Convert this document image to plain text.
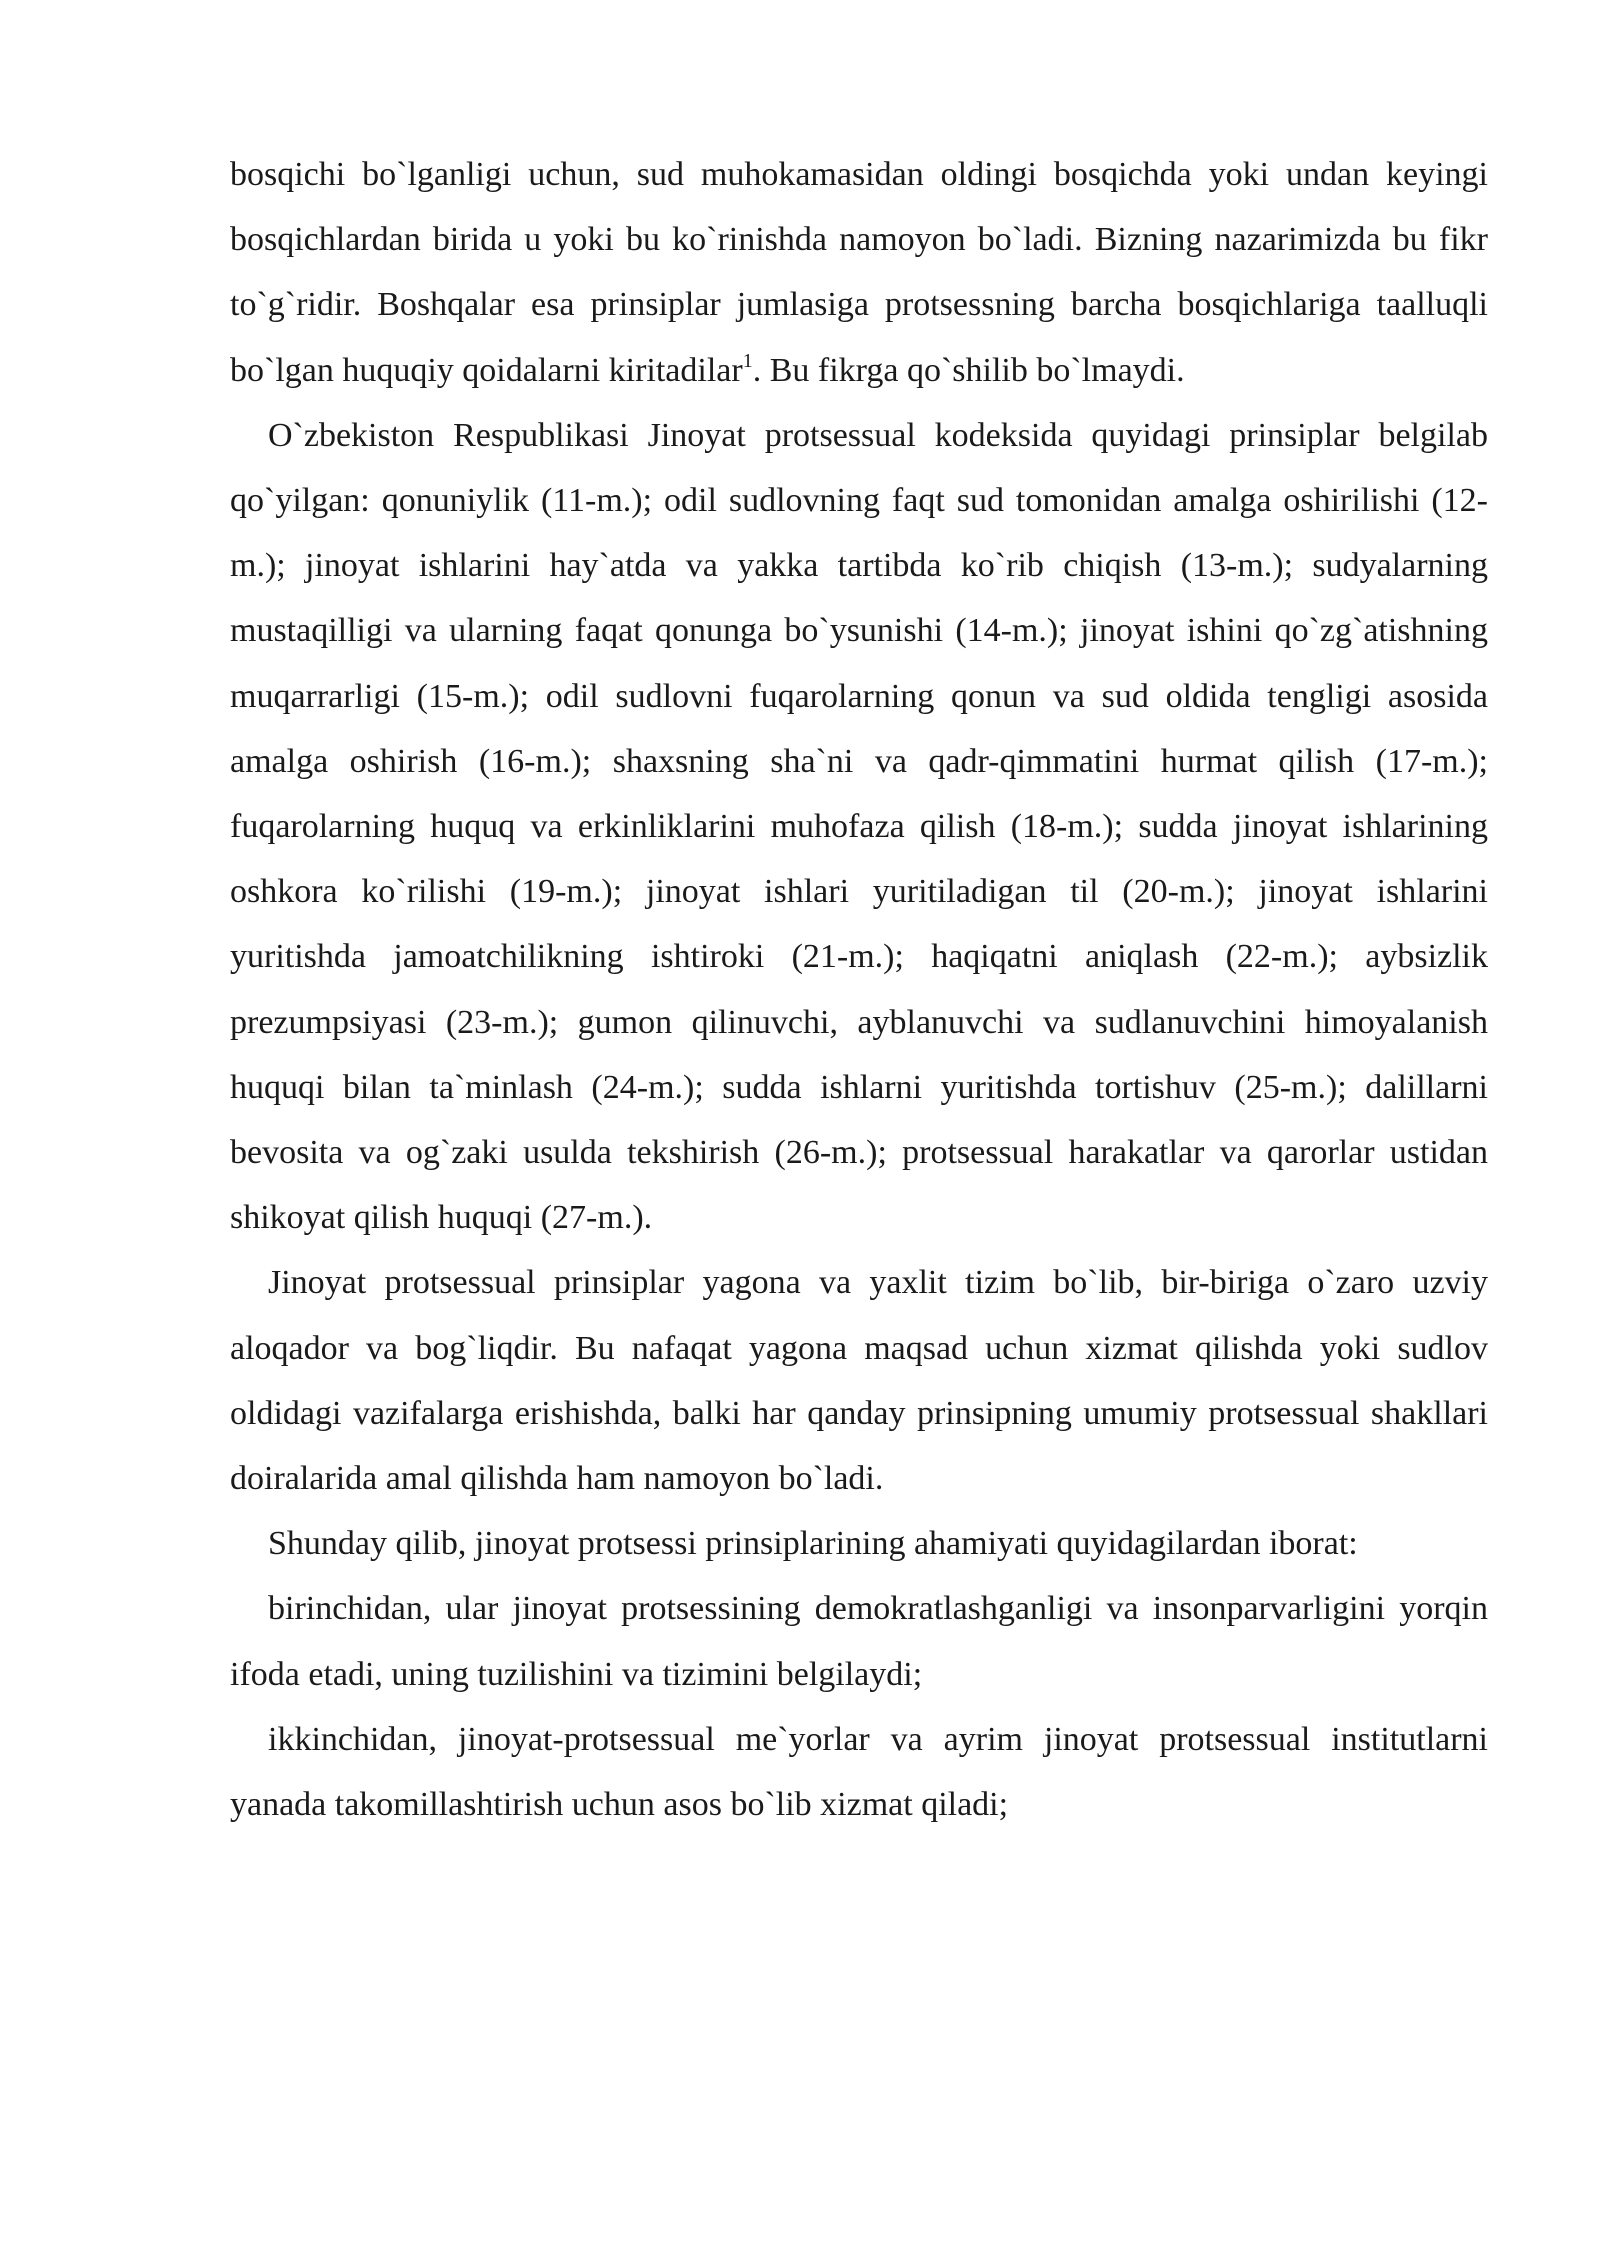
bosqichi bo`lganligi uchun, sud muhokamasidan oldingi bosqichda yoki undan keyingi bosqichlardan birida u yoki bu ko`rinishda namoyon bo`ladi. Bizning nazarimizda bu fikr to`g`ridir. Boshqalar esa prinsiplar jumlasiga protsessning barcha bosqichlariga taalluqli bo`lgan huquqiy qoidalarni kiritadilar$^1$. Bu fikrga qo`shilib bo`lmaydi.

O`zbekiston Respublikasi Jinoyat protsessual kodeksida quyidagi prinsiplar belgilab qo`yilgan: qonuniylik (11-m.); odil sudlovning faqt sud tomonidan amalga oshirilishi (12-m.); jinoyat ishlarini hay`atda va yakka tartibda ko`rib chiqish (13-m.); sudyalarning mustaqilligi va ularning faqat qonunga bo`ysunishi (14-m.); jinoyat ishini qo`zg`atishning muqarrarligi (15-m.); odil sudlovni fuqarolarning qonun va sud oldida tengligi asosida amalga oshirish (16-m.); shaxsning sha`ni va qadr-qimmatini hurmat qilish (17-m.); fuqarolarning huquq va erkinliklarini muhofaza qilish (18-m.); sudda jinoyat ishlarining oshkora ko`rilishi (19-m.); jinoyat ishlari yuritiladigan til (20-m.); jinoyat ishlarini yuritishda jamoatchilikning ishtiroki (21-m.); haqiqatni aniqlash (22-m.); aybsizlik prezumpsiyasi (23-m.); gumon qilinuvchi, ayblanuvchi va sudlanuvchini himoyalanish huquqi bilan ta`minlash (24-m.); sudda ishlarni yuritishda tortishuv (25-m.); dalillarni bevosita va og`zaki usulda tekshirish (26-m.); protsessual harakatlar va qarorlar ustidan shikoyat qilish huquqi (27-m.).

Jinoyat protsessual prinsiplar yagona va yaxlit tizim bo`lib, bir-biriga o`zaro uzviy aloqador va bog`liqdir. Bu nafaqat yagona maqsad uchun xizmat qilishda yoki sudlov oldidagi vazifalarga erishishda, balki har qanday prinsipning umumiy protsessual shakllari doiralarida amal qilishda ham namoyon bo`ladi.

Shunday qilib, jinoyat protsessi prinsiplarining ahamiyati quyidagilardan iborat:

birinchidan, ular jinoyat protsessining demokratlashganligi va insonparvarligini yorqin ifoda etadi, uning tuzilishini va tizimini belgilaydi;

ikkinchidan, jinoyat-protsessual me`yorlar va ayrim jinoyat protsessual institutlarni yanada takomillashtirish uchun asos bo`lib xizmat qiladi;
